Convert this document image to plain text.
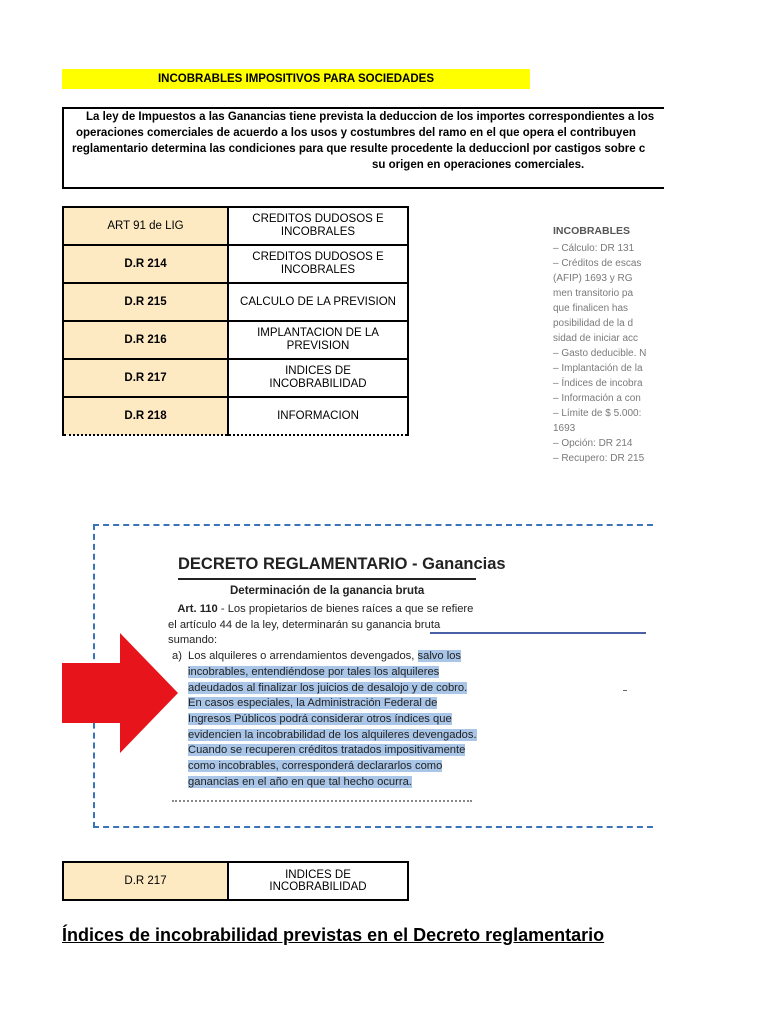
INCOBRABLES IMPOSITIVOS PARA SOCIEDADES
La ley de Impuestos a las Ganancias tiene prevista la deduccion de los importes correspondientes a los
operaciones comerciales de acuerdo a los usos y costumbres del ramo en el que opera el contribuyen
reglamentario determina las condiciones para que resulte procedente la deduccionl por castigos sobre c
su origen en operaciones comerciales.
ART 91 de LIG	CREDITOS DUDOSOS E INCOBRALES
D.R 214	CREDITOS DUDOSOS E INCOBRALES
D.R 215	CALCULO DE LA PREVISION
D.R 216	IMPLANTACION DE LA PREVISION
D.R 217	INDICES DE INCOBRABILIDAD
D.R 218	INFORMACION
INCOBRABLES
– Cálculo: DR 131
– Créditos de escas
(AFIP) 1693 y RG
men transitorio pa
que finalicen has
posibilidad de la d
sidad de iniciar acc
– Gasto deducible. N
– Implantación de la
– Índices de incobra
– Información a con
– Límite de $ 5.000:
1693
– Opción: DR 214
– Recupero: DR 215
DECRETO REGLAMENTARIO - Ganancias
Determinación de la ganancia bruta

Art. 110 - Los propietarios de bienes raíces a que se refiere el artículo 44 de la ley, determinarán su ganancia bruta sumando:

a) Los alquileres o arrendamientos devengados, salvo los incobrables, entendiéndose por tales los alquileres adeudados al finalizar los juicios de desalojo y de cobro. En casos especiales, la Administración Federal de Ingresos Públicos podrá considerar otros índices que evidencien la incobrabilidad de los alquileres devengados. Cuando se recuperen créditos tratados impositivamente como incobrables, corresponderá declararlos como ganancias en el año en que tal hecho ocurra.

D.R 217	INDICES DE INCOBRABILIDAD
Índices de incobrabilidad previstas en el Decreto reglamentario
